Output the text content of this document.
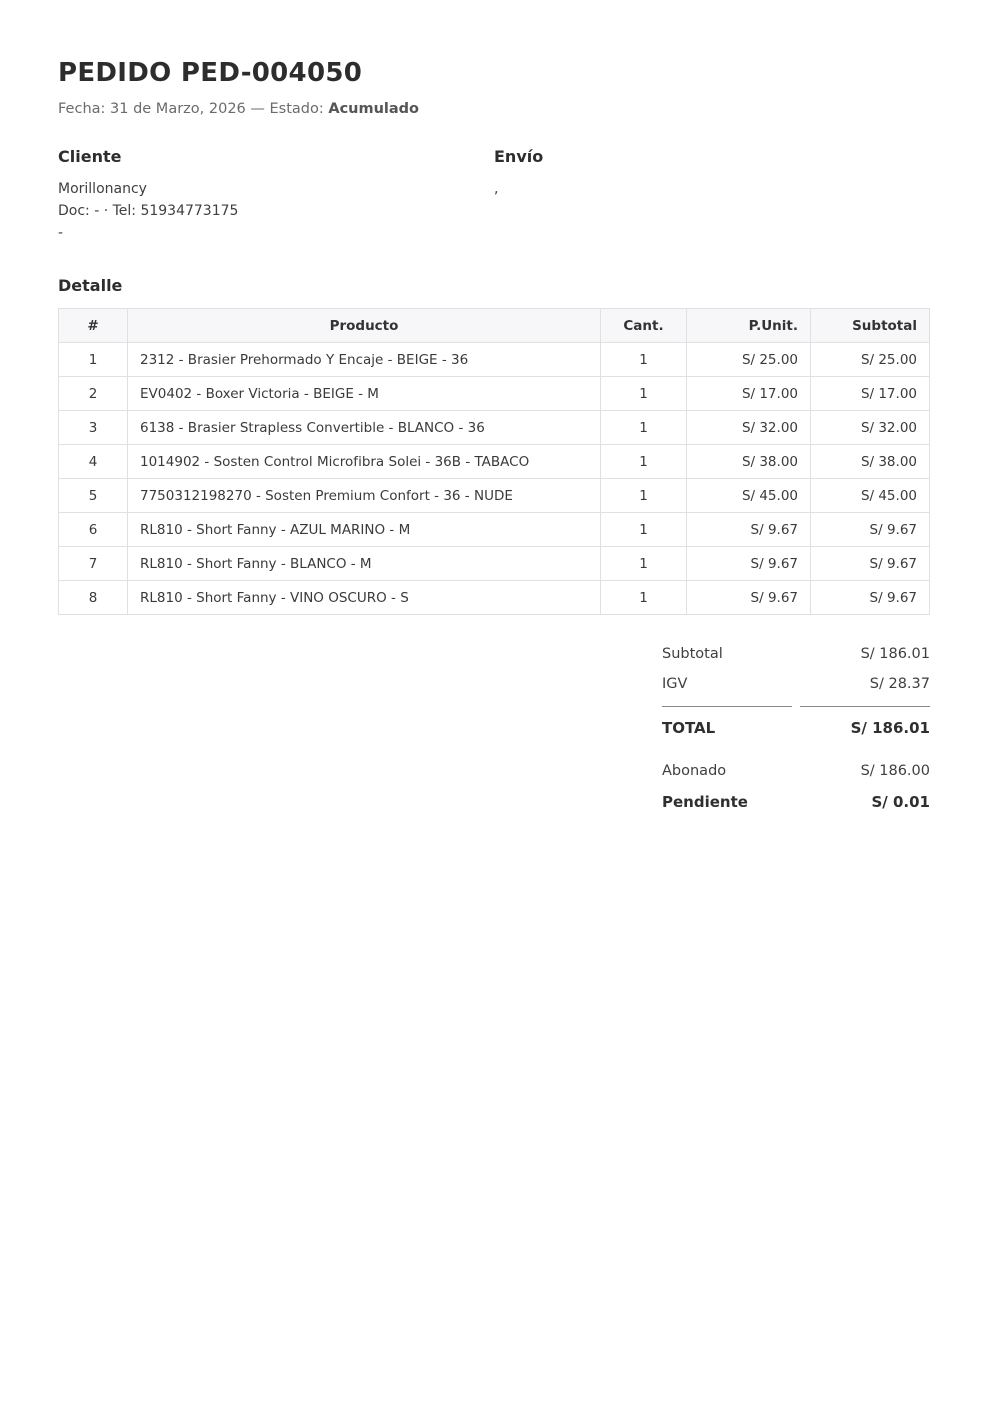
PEDIDO PED-004050
Fecha: 31 de Marzo, 2026 — Estado: Acumulado
Cliente
Morillonancy
Doc: - · Tel: 51934773175
-
Envío
,
Detalle
#	Producto	Cant.	P.Unit.	Subtotal
1	2312 - Brasier Prehormado Y Encaje - BEIGE - 36	1	S/ 25.00	S/ 25.00
2	EV0402 - Boxer Victoria - BEIGE - M	1	S/ 17.00	S/ 17.00
3	6138 - Brasier Strapless Convertible - BLANCO - 36	1	S/ 32.00	S/ 32.00
4	1014902 - Sosten Control Microfibra Solei - 36B - TABACO	1	S/ 38.00	S/ 38.00
5	7750312198270 - Sosten Premium Confort - 36 - NUDE	1	S/ 45.00	S/ 45.00
6	RL810 - Short Fanny - AZUL MARINO - M	1	S/ 9.67	S/ 9.67
7	RL810 - Short Fanny - BLANCO - M	1	S/ 9.67	S/ 9.67
8	RL810 - Short Fanny - VINO OSCURO - S	1	S/ 9.67	S/ 9.67
Subtotal	S/ 186.01
IGV	S/ 28.37
TOTAL	S/ 186.01
Abonado	S/ 186.00
Pendiente	S/ 0.01
